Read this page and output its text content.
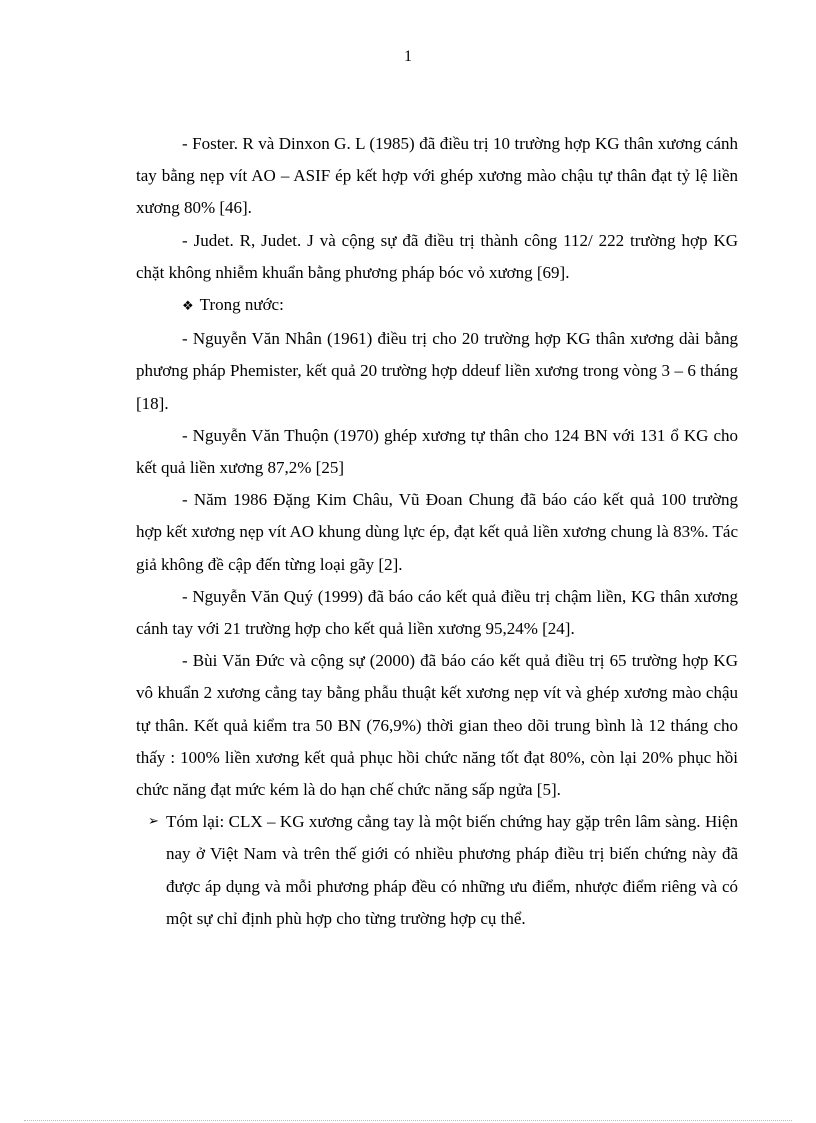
1

- Foster. R và Dinxon G. L (1985) đã điều trị 10 trường hợp KG thân xương cánh tay bằng nẹp vít AO – ASIF ép kết hợp với ghép xương mào chậu tự thân đạt tỷ lệ liền xương 80% [46].

- Judet. R, Judet. J và cộng sự đã điều trị thành công 112/ 222 trường hợp KG chặt không nhiễm khuẩn bằng phương pháp bóc vỏ xương [69].

❖ Trong nước:

- Nguyễn Văn Nhân (1961) điều trị cho 20 trường hợp KG thân xương dài bằng phương pháp Phemister, kết quả 20 trường hợp ddeuf liền xương trong vòng 3 – 6 tháng [18].

- Nguyễn Văn Thuộn (1970) ghép xương tự thân cho 124 BN với 131 ổ KG cho kết quả liền xương 87,2% [25]

- Năm 1986 Đặng Kim Châu, Vũ Đoan Chung đã báo cáo kết quả 100 trường hợp kết xương nẹp vít AO khung dùng lực ép, đạt kết quả liền xương chung là 83%. Tác giả không đề cập đến từng loại gãy [2].

- Nguyễn Văn Quý (1999) đã báo cáo kết quả điều trị chậm liền, KG thân xương cánh tay với 21 trường hợp cho kết quả liền xương 95,24% [24].

- Bùi Văn Đức và cộng sự (2000) đã báo cáo kết quả điều trị 65 trường hợp KG vô khuẩn 2 xương cẳng tay bằng phẫu thuật kết xương nẹp vít và ghép xương mào chậu tự thân. Kết quả kiểm tra 50 BN (76,9%) thời gian theo dõi trung bình là 12 tháng cho thấy : 100% liền xương kết quả phục hồi chức năng tốt đạt 80%, còn lại 20% phục hồi chức năng đạt mức kém là do hạn chế chức năng sấp ngửa [5].

➢ Tóm lại: CLX – KG xương cẳng tay là một biến chứng hay gặp trên lâm sàng. Hiện nay ở Việt Nam và trên thế giới có nhiều phương pháp điều trị biến chứng này đã được áp dụng và mỗi phương pháp đều có những ưu điểm, nhược điểm riêng và có một sự chỉ định phù hợp cho từng trường hợp cụ thể.
